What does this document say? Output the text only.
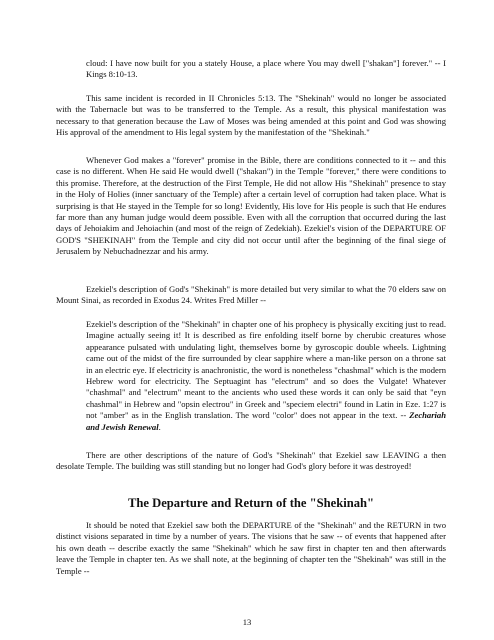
cloud: I have now built for you a stately House, a place where You may dwell ["shakan"] forever." -- I Kings 8:10-13.

This same incident is recorded in II Chronicles 5:13. The "Shekinah" would no longer be associated with the Tabernacle but was to be transferred to the Temple. As a result, this physical manifestation was necessary to that generation because the Law of Moses was being amended at this point and God was showing His approval of the amendment to His legal system by the manifestation of the "Shekinah."

Whenever God makes a "forever" promise in the Bible, there are conditions connected to it -- and this case is no different. When He said He would dwell ("shakan") in the Temple "forever," there were conditions to this promise. Therefore, at the destruction of the First Temple, He did not allow His "Shekinah" presence to stay in the Holy of Holies (inner sanctuary of the Temple) after a certain level of corruption had taken place. What is surprising is that He stayed in the Temple for so long! Evidently, His love for His people is such that He endures far more than any human judge would deem possible. Even with all the corruption that occurred during the last days of Jehoiakim and Jehoiachin (and most of the reign of Zedekiah). Ezekiel's vision of the DEPARTURE OF GOD'S "SHEKINAH" from the Temple and city did not occur until after the beginning of the final siege of Jerusalem by Nebuchadnezzar and his army.

Ezekiel's description of God's "Shekinah" is more detailed but very similar to what the 70 elders saw on Mount Sinai, as recorded in Exodus 24. Writes Fred Miller --

Ezekiel's description of the "Shekinah" in chapter one of his prophecy is physically exciting just to read. Imagine actually seeing it! It is described as fire enfolding itself borne by cherubic creatures whose appearance pulsated with undulating light, themselves borne by gyroscopic double wheels. Lightning came out of the midst of the fire surrounded by clear sapphire where a man-like person on a throne sat in an electric eye. If electricity is anachronistic, the word is nonetheless "chashmal" which is the modern Hebrew word for electricity. The Septuagint has "electrum" and so does the Vulgate! Whatever "chashmal" and "electrum" meant to the ancients who used these words it can only be said that "eyn chashmal" in Hebrew and "opsin electrou" in Greek and "speciem electri" found in Latin in Eze. 1:27 is not "amber" as in the English translation. The word "color" does not appear in the text. -- Zechariah and Jewish Renewal.

There are other descriptions of the nature of God's "Shekinah" that Ezekiel saw LEAVING a then desolate Temple. The building was still standing but no longer had God's glory before it was destroyed!

The Departure and Return of the "Shekinah"

It should be noted that Ezekiel saw both the DEPARTURE of the "Shekinah" and the RETURN in two distinct visions separated in time by a number of years. The visions that he saw -- of events that happened after his own death -- describe exactly the same "Shekinah" which he saw first in chapter ten and then afterwards leave the Temple in chapter ten. As we shall note, at the beginning of chapter ten the "Shekinah" was still in the Temple --

13
